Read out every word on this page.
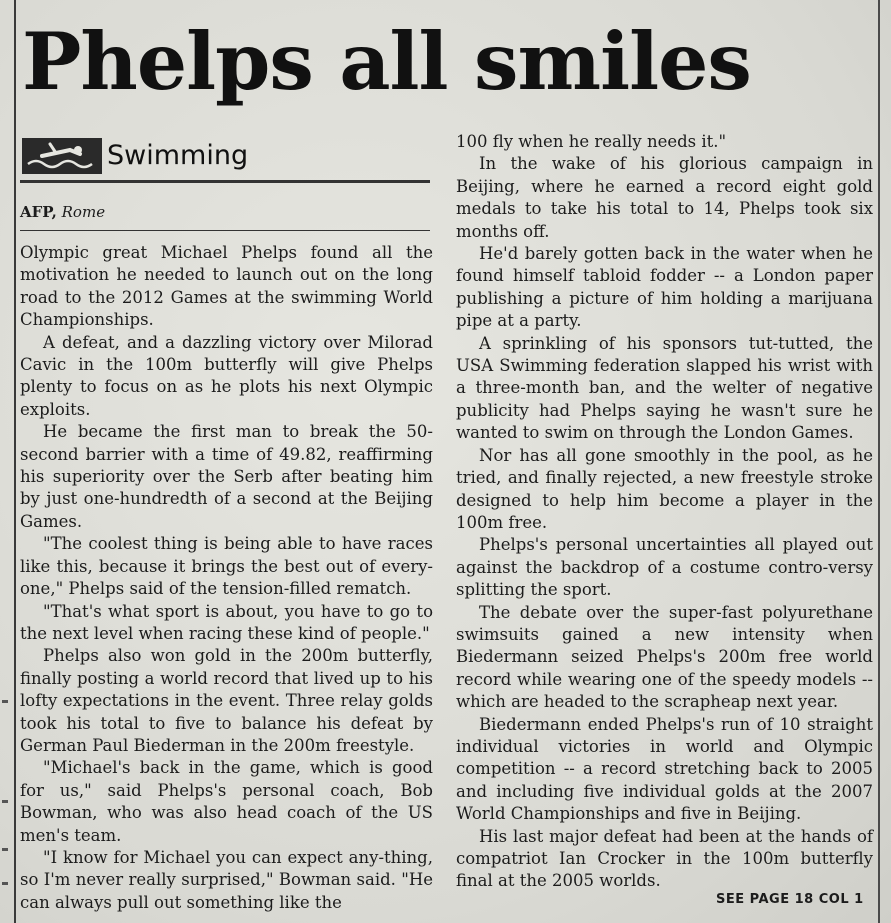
Phelps all smiles
Swimming
AFP, Rome

Olympic great Michael Phelps found all the motivation he needed to launch out on the long road to the 2012 Games at the swimming World Championships.

A defeat, and a dazzling victory over Milorad Cavic in the 100m butterfly will give Phelps plenty to focus on as he plots his next Olympic exploits.

He became the first man to break the 50-second barrier with a time of 49.82, reaffirming his superiority over the Serb after beating him by just one-hundredth of a second at the Beijing Games.

"The coolest thing is being able to have races like this, because it brings the best out of every-one," Phelps said of the tension-filled rematch.

"That's what sport is about, you have to go to the next level when racing these kind of people."

Phelps also won gold in the 200m butterfly, finally posting a world record that lived up to his lofty expectations in the event. Three relay golds took his total to five to balance his defeat by German Paul Biederman in the 200m freestyle.

"Michael's back in the game, which is good for us," said Phelps's personal coach, Bob Bowman, who was also head coach of the US men's team.

"I know for Michael you can expect any-thing, so I'm never really surprised," Bowman said. "He can always pull out something like the

100 fly when he really needs it."

In the wake of his glorious campaign in Beijing, where he earned a record eight gold medals to take his total to 14, Phelps took six months off.

He'd barely gotten back in the water when he found himself tabloid fodder -- a London paper publishing a picture of him holding a marijuana pipe at a party.

A sprinkling of his sponsors tut-tutted, the USA Swimming federation slapped his wrist with a three-month ban, and the welter of negative publicity had Phelps saying he wasn't sure he wanted to swim on through the London Games.

Nor has all gone smoothly in the pool, as he tried, and finally rejected, a new freestyle stroke designed to help him become a player in the 100m free.

Phelps's personal uncertainties all played out against the backdrop of a costume contro-versy splitting the sport.

The debate over the super-fast polyurethane swimsuits gained a new intensity when Biedermann seized Phelps's 200m free world record while wearing one of the speedy models -- which are headed to the scrapheap next year.

Biedermann ended Phelps's run of 10 straight individual victories in world and Olympic competition -- a record stretching back to 2005 and including five individual golds at the 2007 World Championships and five in Beijing.

His last major defeat had been at the hands of compatriot Ian Crocker in the 100m butterfly final at the 2005 worlds.

SEE PAGE 18 COL 1
